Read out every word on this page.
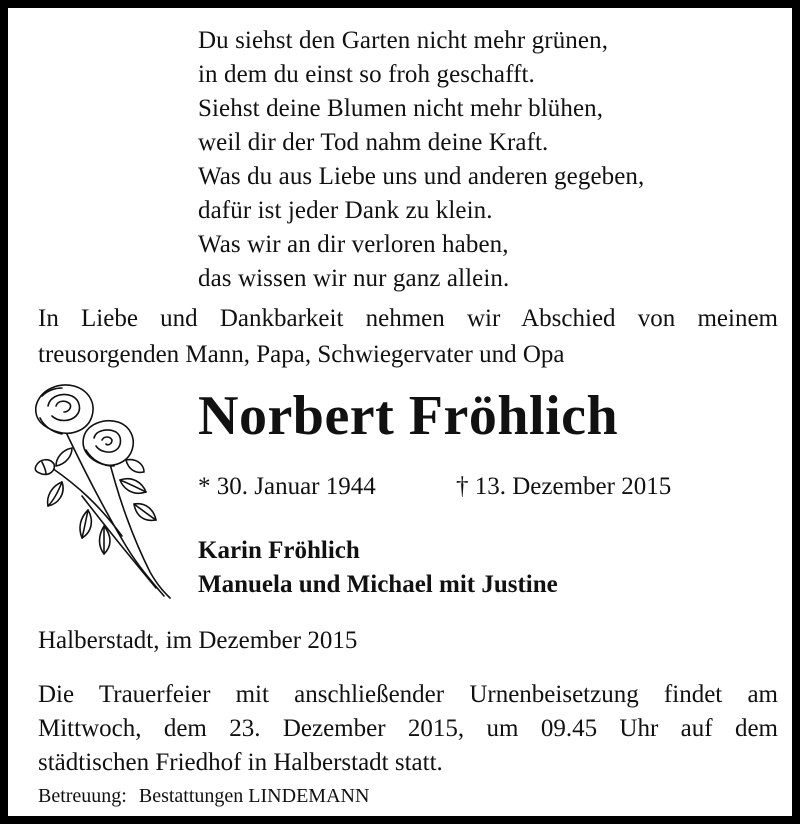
Du siehst den Garten nicht mehr grünen,
in dem du einst so froh geschafft.
Siehst deine Blumen nicht mehr blühen,
weil dir der Tod nahm deine Kraft.
Was du aus Liebe uns und anderen gegeben,
dafür ist jeder Dank zu klein.
Was wir an dir verloren haben,
das wissen wir nur ganz allein.
In Liebe und Dankbarkeit nehmen wir Abschied von meinem
treusorgenden Mann, Papa, Schwiegervater und Opa
Norbert Fröhlich
* 30. Januar 1944	† 13. Dezember 2015
Karin Fröhlich
Manuela und Michael mit Justine
Halberstadt, im Dezember 2015
Die Trauerfeier mit anschließender Urnenbeisetzung findet am
Mittwoch, dem 23. Dezember 2015, um 09.45 Uhr auf dem
städtischen Friedhof in Halberstadt statt.
Betreuung: Bestattungen LINDEMANN
